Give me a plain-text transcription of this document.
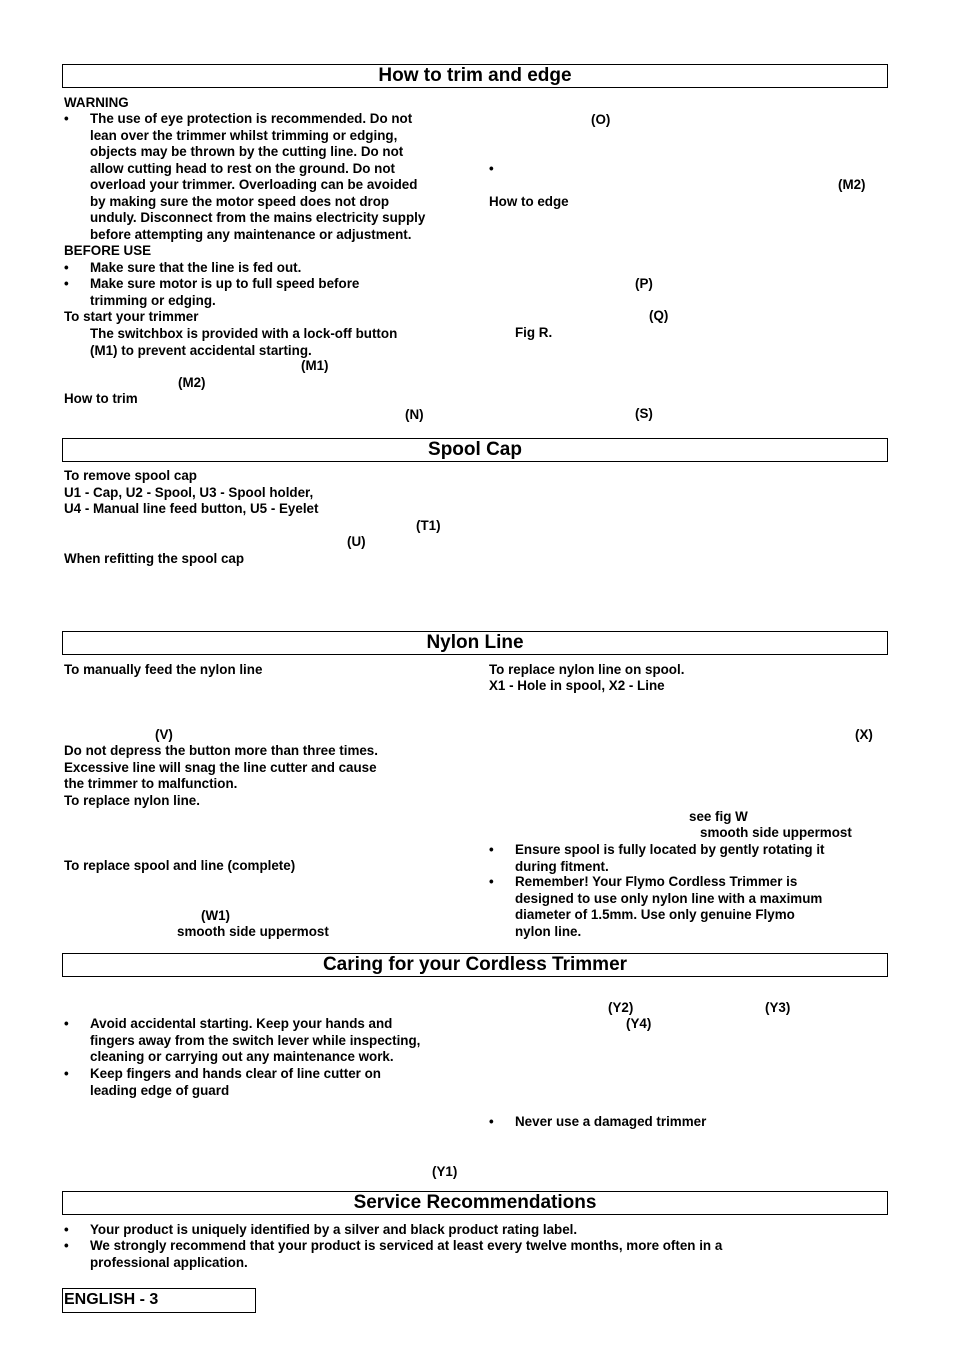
How to trim and edge
WARNING
• The use of eye protection is recommended. Do not
lean over the trimmer whilst trimming or edging,
objects may be thrown by the cutting line. Do not
allow cutting head to rest on the ground. Do not
overload your trimmer. Overloading can be avoided
by making sure the motor speed does not drop
unduly. Disconnect from the mains electricity supply
before attempting any maintenance or adjustment.
BEFORE USE
• Make sure that the line is fed out.
• Make sure motor is up to full speed before
trimming or edging.
To start your trimmer
The switchbox is provided with a lock-off button
(M1) to prevent accidental starting.
(M1)
(M2)
How to trim
(N)
(O)
•
(M2)
How to edge
(P)
(Q)
Fig R.
(S)
Spool Cap
To remove spool cap
U1 - Cap, U2 - Spool, U3 - Spool holder,
U4 - Manual line feed button, U5 - Eyelet
(T1)
(U)
When refitting the spool cap
Nylon Line
To manually feed the nylon line
(V)
Do not depress the button more than three times.
Excessive line will snag the line cutter and cause
the trimmer to malfunction.
To replace nylon line.
To replace spool and line (complete)
(W1)
smooth side uppermost
To replace nylon line on spool.
X1 - Hole in spool, X2 - Line
(X)
see fig W
smooth side uppermost
• Ensure spool is fully located by gently rotating it
during fitment.
• Remember! Your Flymo Cordless Trimmer is
designed to use only nylon line with a maximum
diameter of 1.5mm. Use only genuine Flymo
nylon line.
Caring for your Cordless Trimmer
• Avoid accidental starting. Keep your hands and
fingers away from the switch lever while inspecting,
cleaning or carrying out any maintenance work.
• Keep fingers and hands clear of line cutter on
leading edge of guard
(Y1)
(Y2)	(Y3)
(Y4)
• Never use a damaged trimmer
Service Recommendations
• Your product is uniquely identified by a silver and black product rating label.
• We strongly recommend that your product is serviced at least every twelve months, more often in a
professional application.
ENGLISH - 3
